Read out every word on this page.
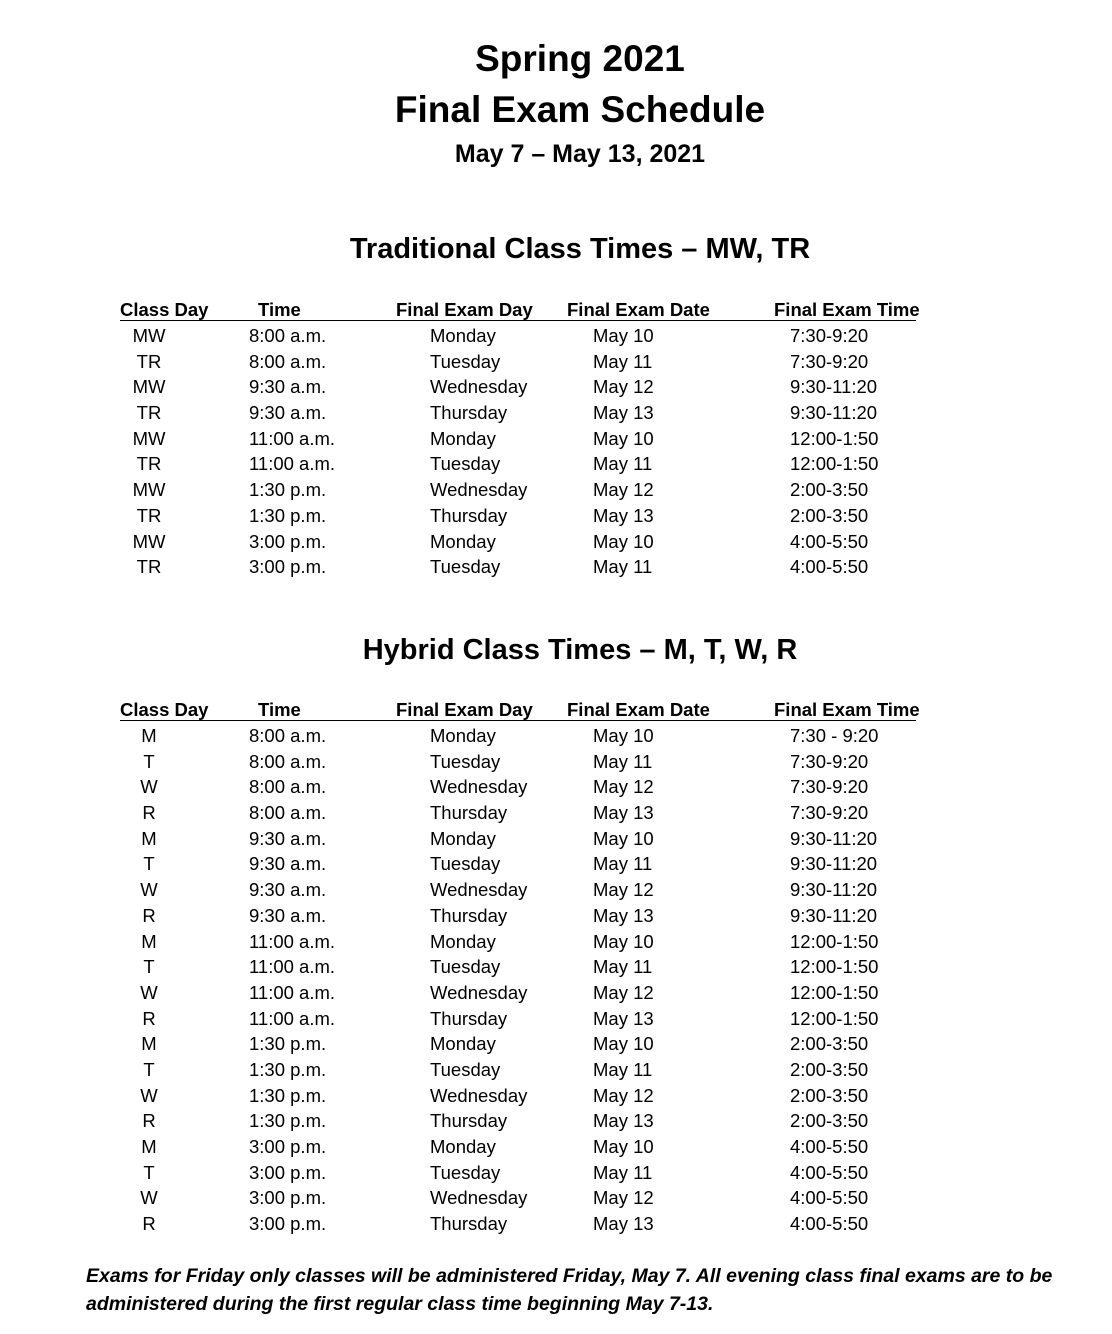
Spring 2021
Final Exam Schedule
May 7 – May 13, 2021
Traditional Class Times – MW, TR
Class Day	Time	Final Exam Day Final Exam Date	Final Exam Time
MW	8:00 a.m.	Monday	May 10	7:30-9:20
TR	8:00 a.m.	Tuesday	May 11	7:30-9:20
MW	9:30 a.m.	Wednesday	May 12	9:30-11:20
TR	9:30 a.m.	Thursday	May 13	9:30-11:20
MW	11:00 a.m.	Monday	May 10	12:00-1:50
TR	11:00 a.m.	Tuesday	May 11	12:00-1:50
MW	1:30 p.m.	Wednesday	May 12	2:00-3:50
TR	1:30 p.m.	Thursday	May 13	2:00-3:50
MW	3:00 p.m.	Monday	May 10	4:00-5:50
TR	3:00 p.m.	Tuesday	May 11	4:00-5:50
Hybrid Class Times – M, T, W, R
Class Day	Time	Final Exam Day Final Exam Date	Final Exam Time
M	8:00 a.m.	Monday	May 10	7:30 - 9:20
T	8:00 a.m.	Tuesday	May 11	7:30-9:20
W	8:00 a.m.	Wednesday	May 12	7:30-9:20
R	8:00 a.m.	Thursday	May 13	7:30-9:20
M	9:30 a.m.	Monday	May 10	9:30-11:20
T	9:30 a.m.	Tuesday	May 11	9:30-11:20
W	9:30 a.m.	Wednesday	May 12	9:30-11:20
R	9:30 a.m.	Thursday	May 13	9:30-11:20
M	11:00 a.m.	Monday	May 10	12:00-1:50
T	11:00 a.m.	Tuesday	May 11	12:00-1:50
W	11:00 a.m.	Wednesday	May 12	12:00-1:50
R	11:00 a.m.	Thursday	May 13	12:00-1:50
M	1:30 p.m.	Monday	May 10	2:00-3:50
T	1:30 p.m.	Tuesday	May 11	2:00-3:50
W	1:30 p.m.	Wednesday	May 12	2:00-3:50
R	1:30 p.m.	Thursday	May 13	2:00-3:50
M	3:00 p.m.	Monday	May 10	4:00-5:50
T	3:00 p.m.	Tuesday	May 11	4:00-5:50
W	3:00 p.m.	Wednesday	May 12	4:00-5:50
R	3:00 p.m.	Thursday	May 13	4:00-5:50

Exams for Friday only classes will be administered Friday, May 7. All evening class final exams are to be administered during the first regular class time beginning May 7-13.
